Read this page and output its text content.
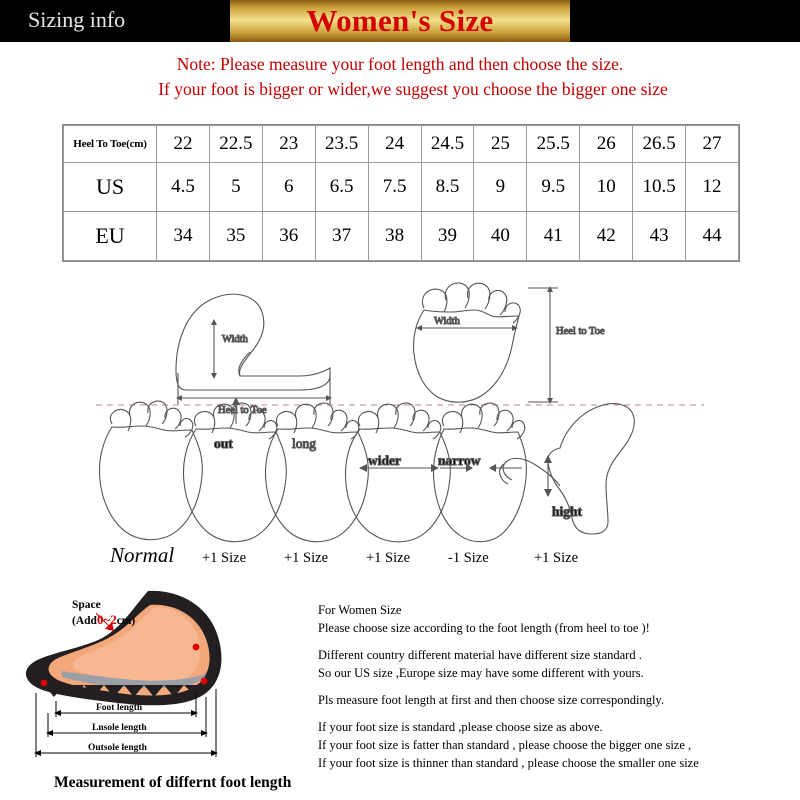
Sizing info	Women's Size
Note: Please measure your foot length and then choose the size.
If your foot is bigger or wider,we suggest you choose the bigger one size
Heel To Toe(cm)	22	22.5	23	23.5	24	24.5	25	25.5	26	26.5	27
US	4.5	5	6	6.5	7.5	8.5	9	9.5	10	10.5	12
EU	34	35	36	37	38	39	40	41	42	43	44
Width
Heel to Toe
Width
Heel to Toe
out	long
wider	narrow
hight
Normal +1 Size	+1 Size	+1 Size	-1 Size	+1 Size
Foot length
Lnsole length
Outsole length
Space
(Add0~2cm)
Measurement of differnt foot length

For Women Size

Please choose size according to the foot length (from heel to toe )!

Different country different material have different size standard .

So our US size ,Europe size may have some different with yours.

Pls measure foot length at first and then choose size correspondingly.

If your foot size is standard ,please choose size as above.

If your foot size is fatter than standard , please choose the bigger one size ,

If your foot size is thinner than standard , please choose the smaller one size
